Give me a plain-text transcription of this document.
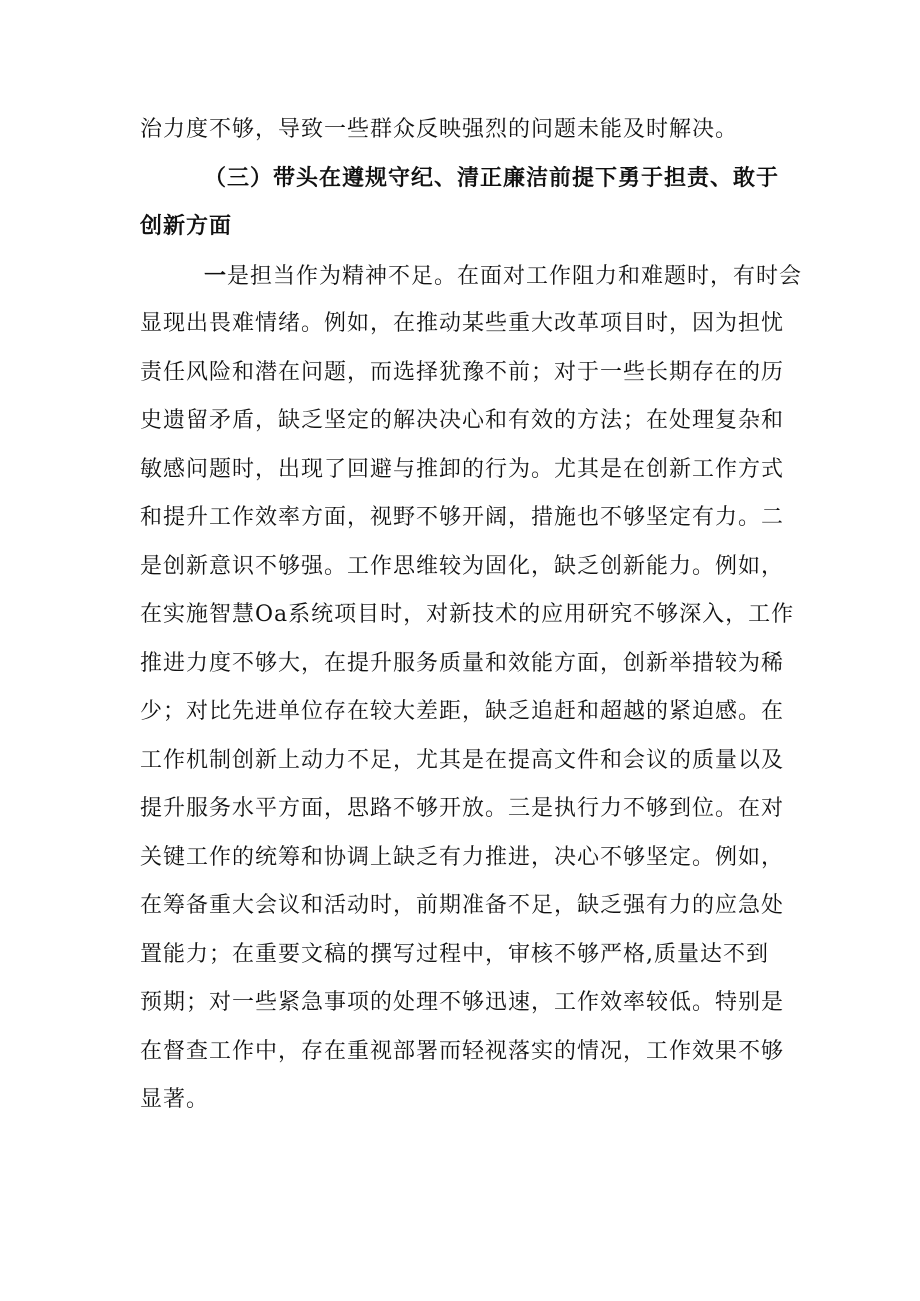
治力度不够，导致一些群众反映强烈的问题未能及时解决。
（三）带头在遵规守纪、清正廉洁前提下勇于担责、敢于
创新方面
一是担当作为精神不足。在面对工作阻力和难题时，有时会
显现出畏难情绪。例如，在推动某些重大改革项目时，因为担忧
责任风险和潜在问题，而选择犹豫不前；对于一些长期存在的历
史遗留矛盾，缺乏坚定的解决决心和有效的方法；在处理复杂和
敏感问题时，出现了回避与推卸的行为。尤其是在创新工作方式
和提升工作效率方面，视野不够开阔，措施也不够坚定有力。二
是创新意识不够强。工作思维较为固化，缺乏创新能力。例如，
在实施智慧Oa系统项目时，对新技术的应用研究不够深入，工作
推进力度不够大，在提升服务质量和效能方面，创新举措较为稀
少；对比先进单位存在较大差距，缺乏追赶和超越的紧迫感。在
工作机制创新上动力不足，尤其是在提高文件和会议的质量以及
提升服务水平方面，思路不够开放。三是执行力不够到位。在对
关键工作的统筹和协调上缺乏有力推进，决心不够坚定。例如，
在筹备重大会议和活动时，前期准备不足，缺乏强有力的应急处
置能力；在重要文稿的撰写过程中，审核不够严格,质量达不到
预期；对一些紧急事项的处理不够迅速，工作效率较低。特别是
在督查工作中，存在重视部署而轻视落实的情况，工作效果不够
显著。
